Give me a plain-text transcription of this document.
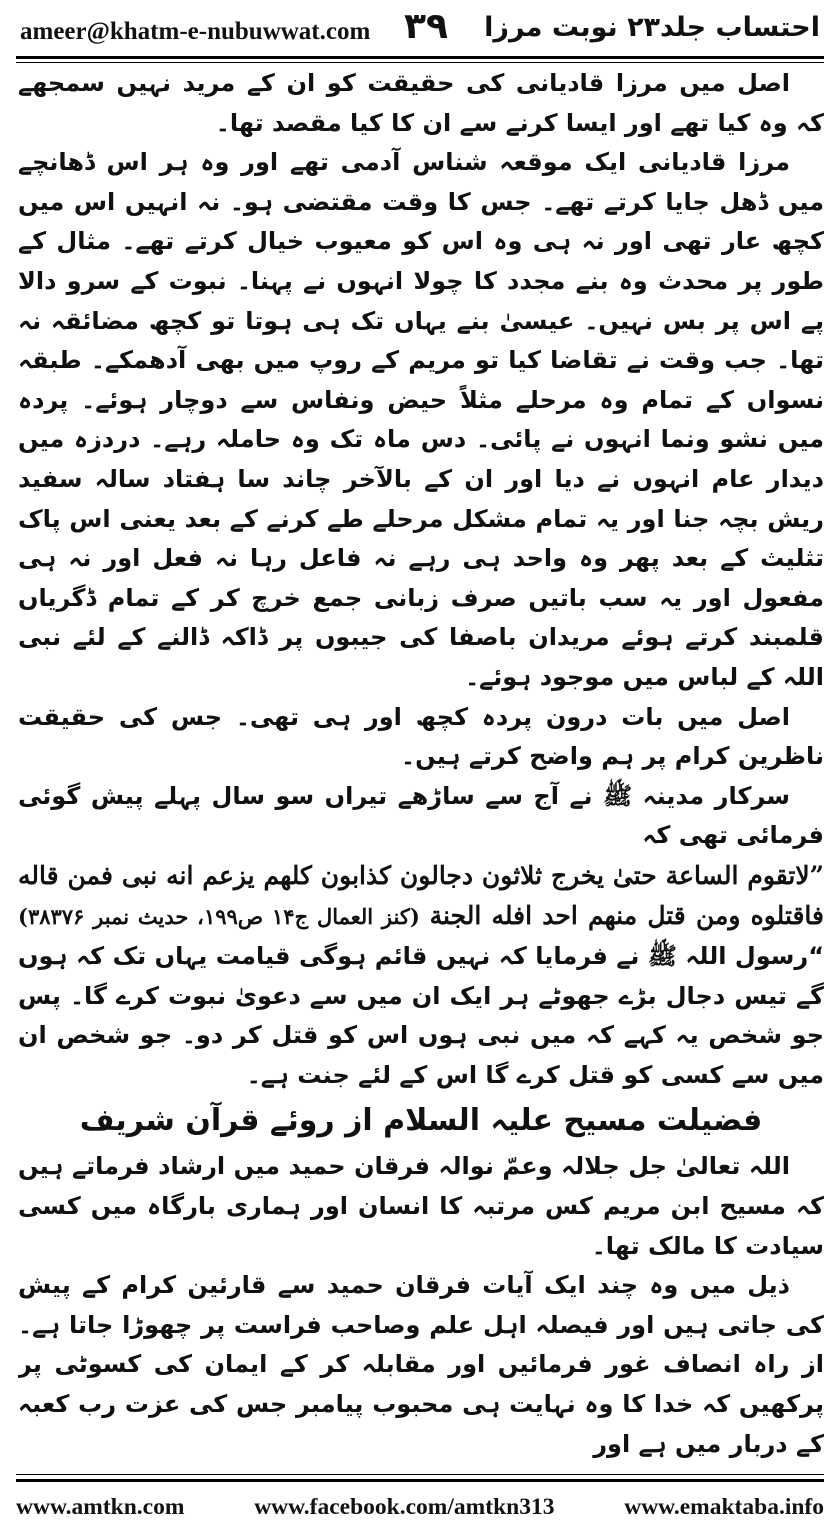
ameer@khatm-e-nubuwwat.com ۳۹ احتساب جلد۲۳ نوبت مرزا

اصل میں مرزا قادیانی کی حقیقت کو ان کے مرید نہیں سمجھے کہ وہ کیا تھے اور ایسا کرنے سے ان کا کیا مقصد تھا۔

مرزا قادیانی ایک موقعہ شناس آدمی تھے اور وہ ہر اس ڈھانچے میں ڈھل جایا کرتے تھے۔ جس کا وقت مقتضی ہو۔ نہ انہیں اس میں کچھ عار تھی اور نہ ہی وہ اس کو معیوب خیال کرتے تھے۔ مثال کے طور پر محدث وہ بنے مجدد کا چولا انہوں نے پہنا۔ نبوت کے سرو دالا پے اس پر بس نہیں۔ عیسیٰ بنے یہاں تک ہی ہوتا تو کچھ مضائقہ نہ تھا۔ جب وقت نے تقاضا کیا تو مریم کے روپ میں بھی آدھمکے۔ طبقہ نسواں کے تمام وہ مرحلے مثلاً حیض ونفاس سے دوچار ہوئے۔ پردہ میں نشو ونما انہوں نے پائی۔ دس ماہ تک وہ حاملہ رہے۔ دردزہ میں دیدار عام انہوں نے دیا اور ان کے بالآخر چاند سا ہفتاد سالہ سفید ریش بچہ جنا اور یہ تمام مشکل مرحلے طے کرنے کے بعد یعنی اس پاک تثلیث کے بعد پھر وہ واحد ہی رہے نہ فاعل رہا نہ فعل اور نہ ہی مفعول اور یہ سب باتیں صرف زبانی جمع خرچ کر کے تمام ڈگریاں قلمبند کرتے ہوئے مریدان باصفا کی جیبوں پر ڈاکہ ڈالنے کے لئے نبی اللہ کے لباس میں موجود ہوئے۔

اصل میں بات درون پردہ کچھ اور ہی تھی۔ جس کی حقیقت ناظرین کرام پر ہم واضح کرتے ہیں۔

سرکار مدینہ ﷺ نے آج سے ساڑھے تیراں سو سال پہلے پیش گوئی فرمائی تھی کہ

”لاتقوم الساعة حتىٰ يخرج ثلاثون دجالون كذابون كلهم يزعم انه نبى فمن قاله فاقتلوه ومن قتل منهم احد افله الجنة (کنز العمال ج۱۴ ص۱۹۹، حدیث نمبر ۳۸۳۷۶) “رسول اللہ ﷺ نے فرمایا کہ نہیں قائم ہوگی قیامت یہاں تک کہ ہوں گے تیس دجال بڑے جھوٹے ہر ایک ان میں سے دعویٰ نبوت کرے گا۔ پس جو شخص یہ کہے کہ میں نبی ہوں اس کو قتل کر دو۔ جو شخص ان میں سے کسی کو قتل کرے گا اس کے لئے جنت ہے۔

فضیلت مسیح علیہ السلام از روئے قرآن شریف

اللہ تعالیٰ جل جلالہ وعمّ نوالہ فرقان حمید میں ارشاد فرماتے ہیں کہ مسیح ابن مریم کس مرتبہ کا انسان اور ہماری بارگاہ میں کسی سیادت کا مالک تھا۔

ذیل میں وہ چند ایک آیات فرقان حمید سے قارئین کرام کے پیش کی جاتی ہیں اور فیصلہ اہل علم وصاحب فراست پر چھوڑا جاتا ہے۔ از راہ انصاف غور فرمائیں اور مقابلہ کر کے ایمان کی کسوٹی پر پرکھیں کہ خدا کا وہ نہایت ہی محبوب پیامبر جس کی عزت رب کعبہ کے دربار میں ہے اور

www.amtkn.com	www.facebook.com/amtkn313	www.emaktaba.info
